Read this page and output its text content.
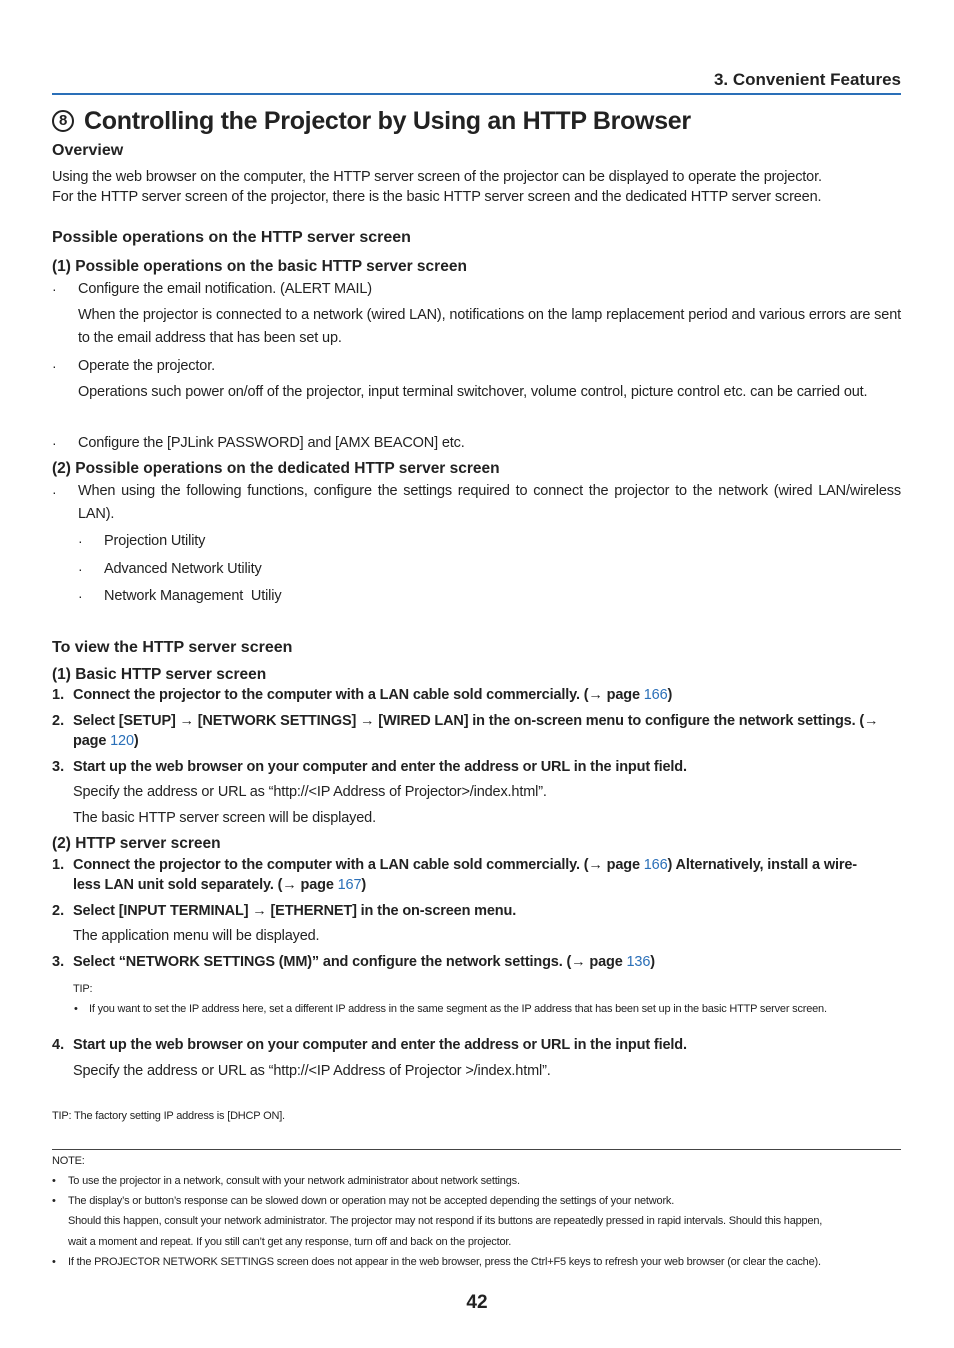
3. Convenient Features
8 Controlling the Projector by Using an HTTP Browser
Overview
Using the web browser on the computer, the HTTP server screen of the projector can be displayed to operate the projector.
For the HTTP server screen of the projector, there is the basic HTTP server screen and the dedicated HTTP server screen.
Possible operations on the HTTP server screen
(1) Possible operations on the basic HTTP server screen
· Configure the email notification. (ALERT MAIL)
When the projector is connected to a network (wired LAN), notifications on the lamp replacement period and various errors are sent to the email address that has been set up.
· Operate the projector.
Operations such power on/off of the projector, input terminal switchover, volume control, picture control etc. can be carried out.
· Configure the [PJLink PASSWORD] and [AMX BEACON] etc.
(2) Possible operations on the dedicated HTTP server screen
· When using the following functions, configure the settings required to connect the projector to the network (wired LAN/wireless LAN).
· Projection Utility
· Advanced Network Utility
· Network Management  Utiliy
To view the HTTP server screen
(1) Basic HTTP server screen
1. Connect the projector to the computer with a LAN cable sold commercially. (→ page 166)
2. Select [SETUP] → [NETWORK SETTINGS] → [WIRED LAN] in the on-screen menu to configure the network settings. (→
page 120)
3. Start up the web browser on your computer and enter the address or URL in the input field.
Specify the address or URL as “http://<IP Address of Projector>/index.html”.
The basic HTTP server screen will be displayed.
(2) HTTP server screen
1. Connect the projector to the computer with a LAN cable sold commercially. (→ page 166) Alternatively, install a wire-
less LAN unit sold separately. (→ page 167)
2. Select [INPUT TERMINAL] → [ETHERNET] in the on-screen menu.
The application menu will be displayed.
3. Select “NETWORK SETTINGS (MM)” and configure the network settings. (→ page 136)
TIP:
• If you want to set the IP address here, set a different IP address in the same segment as the IP address that has been set up in the basic HTTP server screen.
4. Start up the web browser on your computer and enter the address or URL in the input field.
Specify the address or URL as “http://<IP Address of Projector >/index.html”.
TIP: The factory setting IP address is [DHCP ON].
NOTE:
• To use the projector in a network, consult with your network administrator about network settings.
• The display’s or button’s response can be slowed down or operation may not be accepted depending the settings of your network.
Should this happen, consult your network administrator. The projector may not respond if its buttons are repeatedly pressed in rapid intervals. Should this happen,
wait a moment and repeat. If you still can’t get any response, turn off and back on the projector.
• If the PROJECTOR NETWORK SETTINGS screen does not appear in the web browser, press the Ctrl+F5 keys to refresh your web browser (or clear the cache).
42
